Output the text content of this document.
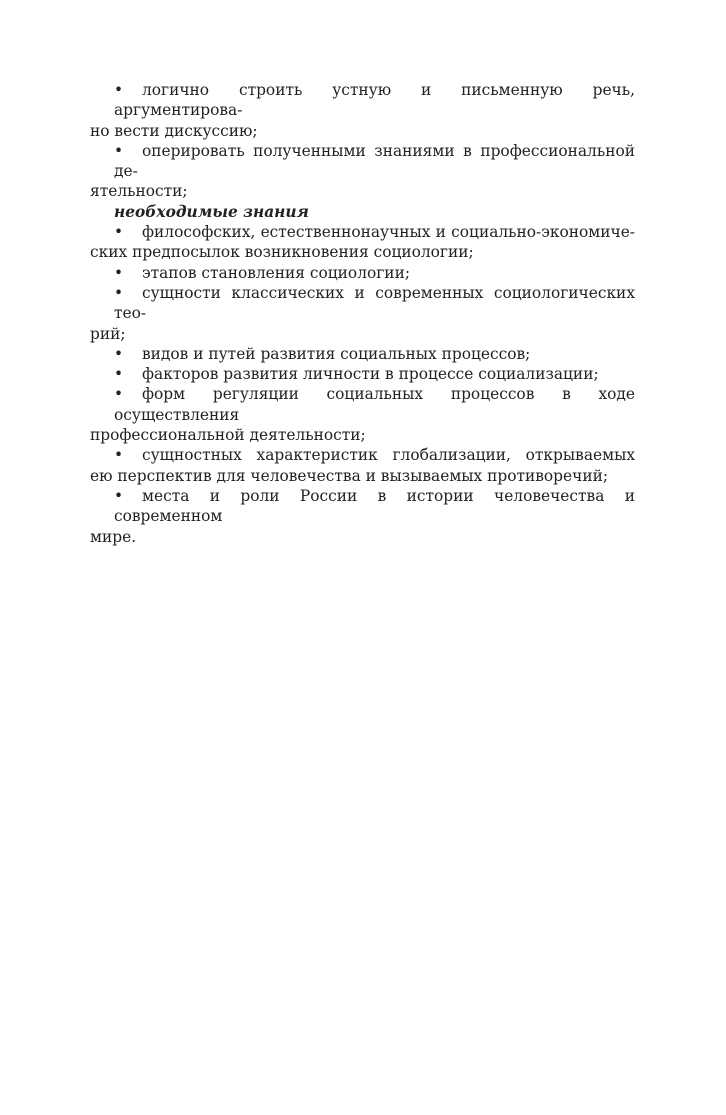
• логично строить устную и письменную речь, аргументирова-
но вести дискуссию;
• оперировать полученными знаниями в профессиональной де-
ятельности;
необходимые знания
• философских, естественнонаучных и социально-экономиче-
ских предпосылок возникновения социологии;
• этапов становления социологии;
• сущности классических и современных социологических тео-
рий;
• видов и путей развития социальных процессов;
• факторов развития личности в процессе социализации;
• форм регуляции социальных процессов в ходе осуществления
профессиональной деятельности;
• сущностных характеристик глобализации, открываемых
ею перспектив для человечества и вызываемых противоречий;
• места и роли России в истории человечества и современном
мире.
